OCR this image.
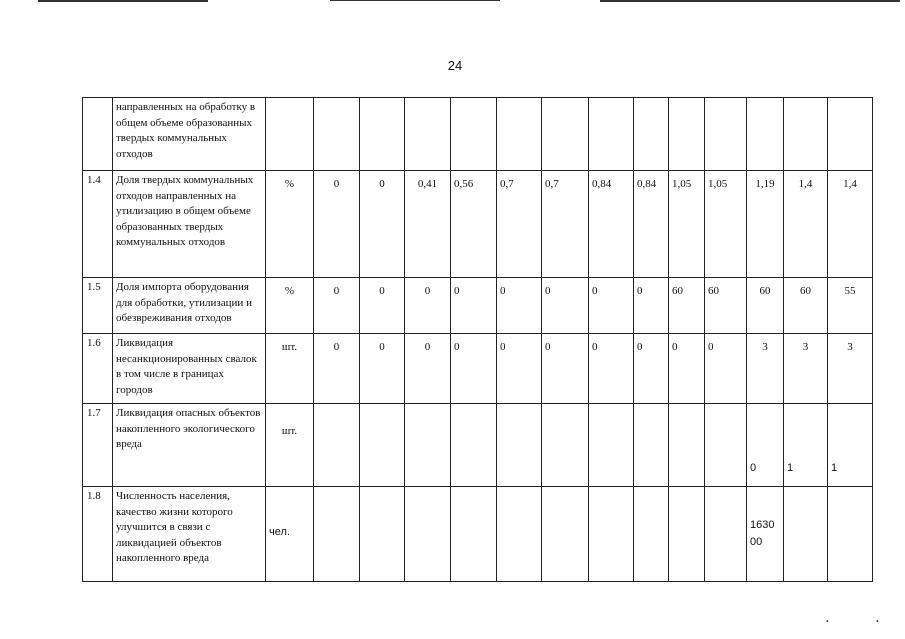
24
	направленных на обработку в общем объеме образованных твердых коммунальных отходов														
1.4	Доля твердых коммунальных отходов направленных на утилизацию в общем объеме образованных твердых коммунальных отходов	%	0	0	0,41	0,56	0,7	0,7	0,84	0,84	1,05	1,05	1,19	1,4	1,4
1.5	Доля импорта оборудования для обработки, утилизации и обезвреживания отходов	%	0	0	0	0	0	0	0	0	60	60	60	60	55
1.6	Ликвидация несанкционированных свалок в том числе в границах городов	шт.	0	0	0	0	0	0	0	0	0	0	3	3	3
1.7	Ликвидация опасных объектов накопленного экологического вреда	шт.											0	1	1
1.8	Численность населения, качество жизни которого улучшится в связи с ликвидацией объектов накопленного вреда	чел.											163000		
•	•
